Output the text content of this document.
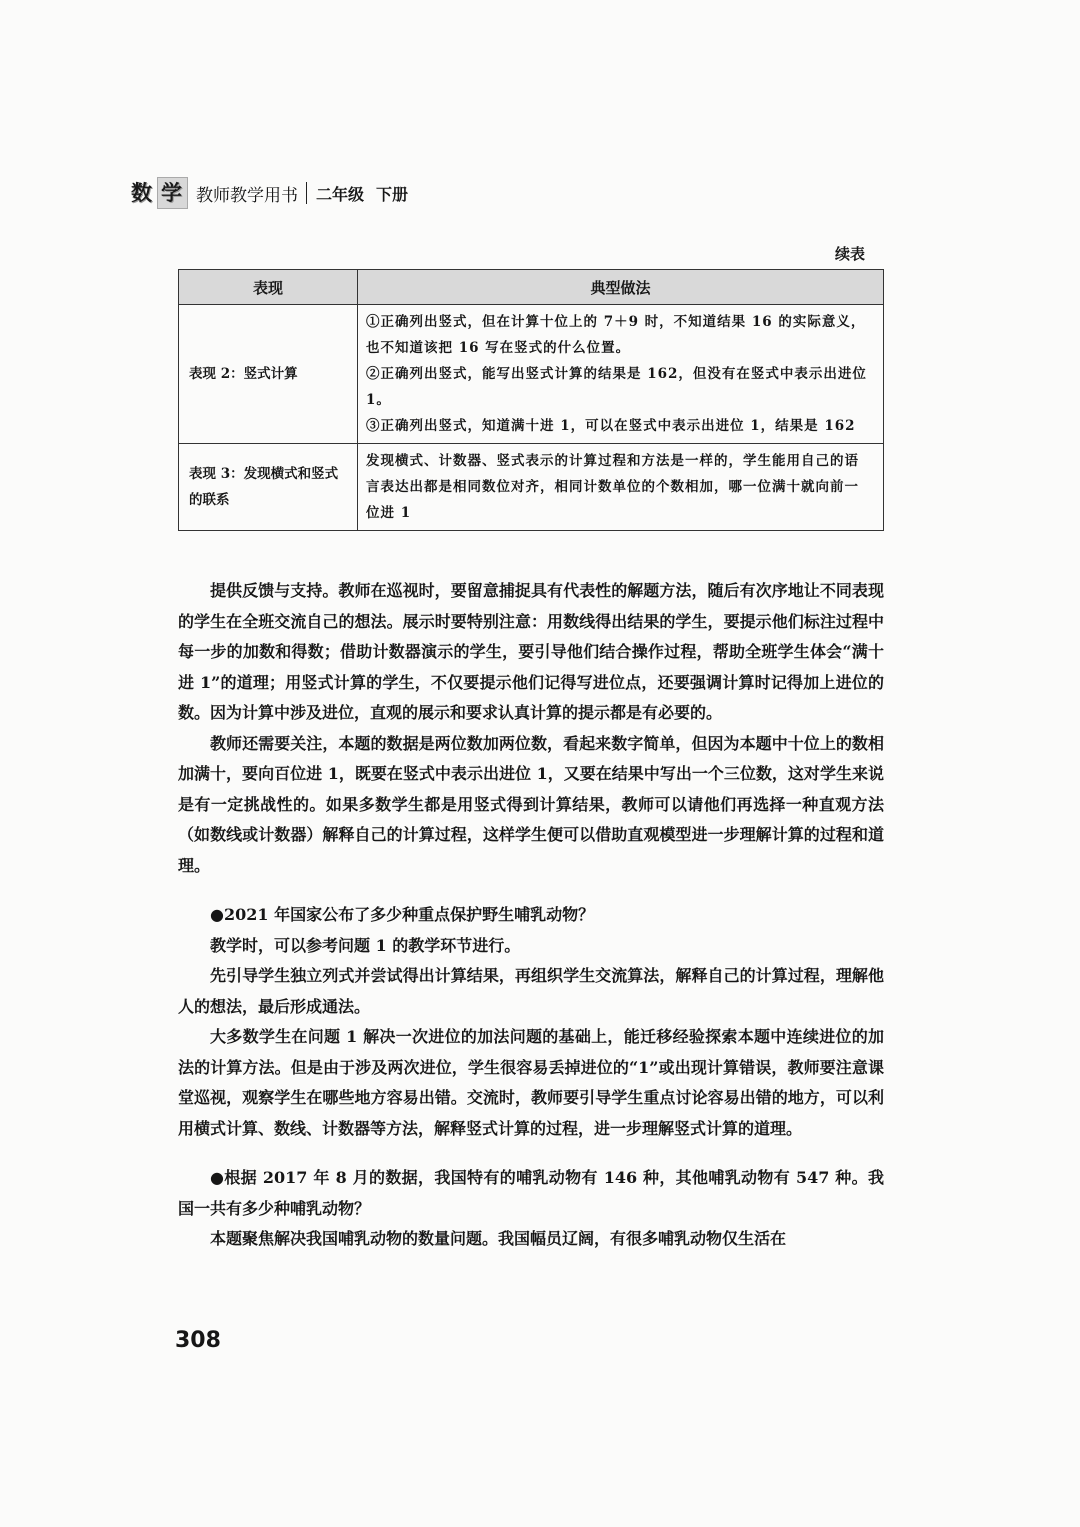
数 学 教师教学用书 二年级 下册
续表
表现	典型做法
表现 2：竖式计算	①正确列出竖式，但在计算十位上的 7＋9 时，不知道结果 16 的实际意义，也不知道该把 16 写在竖式的什么位置。

②正确列出竖式，能写出竖式计算的结果是 162，但没有在竖式中表示出进位 1。

③正确列出竖式，知道满十进 1，可以在竖式中表示出进位 1，结果是 162

表现 3：发现横式和竖式的联系	发现横式、计数器、竖式表示的计算过程和方法是一样的，学生能用自己的语言表达出都是相同数位对齐，相同计数单位的个数相加，哪一位满十就向前一位进 1

提供反馈与支持。教师在巡视时，要留意捕捉具有代表性的解题方法，随后有次序地让不同表现的学生在全班交流自己的想法。展示时要特别注意：用数线得出结果的学生，要提示他们标注过程中每一步的加数和得数；借助计数器演示的学生，要引导他们结合操作过程，帮助全班学生体会“满十进 1”的道理；用竖式计算的学生，不仅要提示他们记得写进位点，还要强调计算时记得加上进位的数。因为计算中涉及进位，直观的展示和要求认真计算的提示都是有必要的。

教师还需要关注，本题的数据是两位数加两位数，看起来数字简单，但因为本题中十位上的数相加满十，要向百位进 1，既要在竖式中表示出进位 1，又要在结果中写出一个三位数，这对学生来说是有一定挑战性的。如果多数学生都是用竖式得到计算结果，教师可以请他们再选择一种直观方法（如数线或计数器）解释自己的计算过程，这样学生便可以借助直观模型进一步理解计算的过程和道理。

●2021 年国家公布了多少种重点保护野生哺乳动物？

教学时，可以参考问题 1 的教学环节进行。

先引导学生独立列式并尝试得出计算结果，再组织学生交流算法，解释自己的计算过程，理解他人的想法，最后形成通法。

大多数学生在问题 1 解决一次进位的加法问题的基础上，能迁移经验探索本题中连续进位的加法的计算方法。但是由于涉及两次进位，学生很容易丢掉进位的“1”或出现计算错误，教师要注意课堂巡视，观察学生在哪些地方容易出错。交流时，教师要引导学生重点讨论容易出错的地方，可以利用横式计算、数线、计数器等方法，解释竖式计算的过程，进一步理解竖式计算的道理。

●根据 2017 年 8 月的数据，我国特有的哺乳动物有 146 种，其他哺乳动物有 547 种。我国一共有多少种哺乳动物？

本题聚焦解决我国哺乳动物的数量问题。我国幅员辽阔，有很多哺乳动物仅生活在

308
